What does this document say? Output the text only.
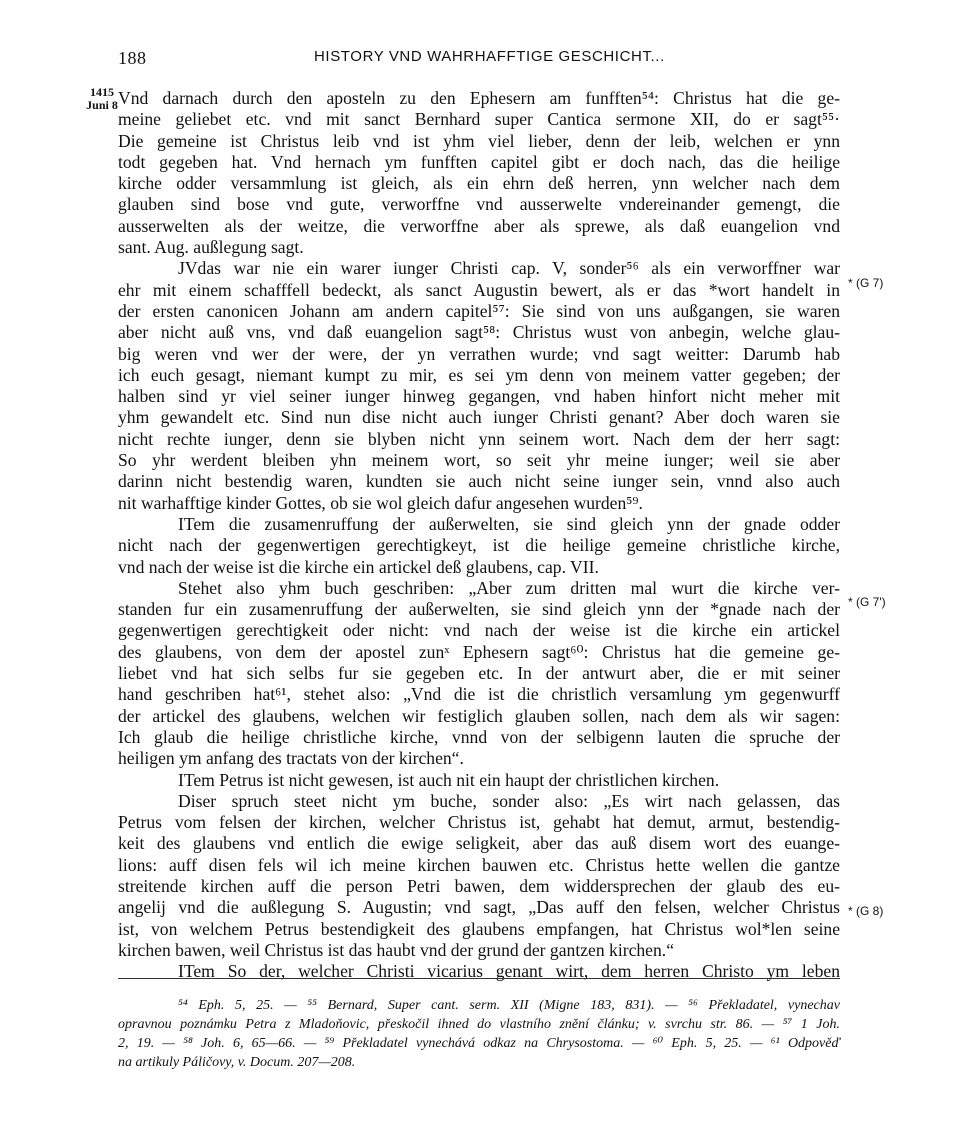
188	HISTORY VND WAHRHAFFTIGE GESCHICHT...
1415
Juni 8 Vnd darnach durch den aposteln zu den Ephesern am funfften⁵⁴: Christus hat die ge-
meine geliebet etc. vnd mit sanct Bernhard super Cantica sermone XII, do er sagt⁵⁵·
Die gemeine ist Christus leib vnd ist yhm viel lieber, denn der leib, welchen er ynn
todt gegeben hat. Vnd hernach ym funfften capitel gibt er doch nach, das die heilige
kirche odder versammlung ist gleich, als ein ehrn deß herren, ynn welcher nach dem
glauben sind bose vnd gute, verworffne vnd ausserwelte vndereinander gemengt, die
ausserwelten als der weitze, die verworffne aber als sprewe, als daß euangelion vnd
sant. Aug. außlegung sagt.
JVdas war nie ein warer iunger Christi cap. V, sonder⁵⁶ als ein verworffner war
ehr mit einem schafffell bedeckt, als sanct Augustin bewert, als er das *wort handelt in
der ersten canonicen Johann am andern capitel⁵⁷: Sie sind von uns außgangen, sie waren
aber nicht auß vns, vnd daß euangelion sagt⁵⁸: Christus wust von anbegin, welche glau-
big weren vnd wer der were, der yn verrathen wurde; vnd sagt weitter: Darumb hab
ich euch gesagt, niemant kumpt zu mir, es sei ym denn von meinem vatter gegeben; der
halben sind yr viel seiner iunger hinweg gegangen, vnd haben hinfort nicht meher mit
yhm gewandelt etc. Sind nun dise nicht auch iunger Christi genant? Aber doch waren sie
nicht rechte iunger, denn sie blyben nicht ynn seinem wort. Nach dem der herr sagt:
So yhr werdent bleiben yhn meinem wort, so seit yhr meine iunger; weil sie aber
darinn nicht bestendig waren, kundten sie auch nicht seine iunger sein, vnnd also auch
nit warhafftige kinder Gottes, ob sie wol gleich dafur angesehen wurden⁵⁹.
ITem die zusamenruffung der außerwelten, sie sind gleich ynn der gnade odder
nicht nach der gegenwertigen gerechtigkeyt, ist die heilige gemeine christliche kirche,
vnd nach der weise ist die kirche ein artickel deß glaubens, cap. VII.
Stehet also yhm buch geschriben: „Aber zum dritten mal wurt die kirche ver-
standen fur ein zusamenruffung der außerwelten, sie sind gleich ynn der *gnade nach der
gegenwertigen gerechtigkeit oder nicht: vnd nach der weise ist die kirche ein artickel
des glaubens, von dem der apostel zunˣ Ephesern sagt⁶⁰: Christus hat die gemeine ge-
liebet vnd hat sich selbs fur sie gegeben etc. In der antwurt aber, die er mit seiner
hand geschriben hat⁶¹, stehet also: „Vnd die ist die christlich versamlung ym gegenwurff
der artickel des glaubens, welchen wir festiglich glauben sollen, nach dem als wir sagen:
Ich glaub die heilige christliche kirche, vnnd von der selbigenn lauten die spruche der
heiligen ym anfang des tractats von der kirchen“.
ITem Petrus ist nicht gewesen, ist auch nit ein haupt der christlichen kirchen.
Diser spruch steet nicht ym buche, sonder also: „Es wirt nach gelassen, das
Petrus vom felsen der kirchen, welcher Christus ist, gehabt hat demut, armut, bestendig-
keit des glaubens vnd entlich die ewige seligkeit, aber das auß disem wort des euange-
lions: auff disen fels wil ich meine kirchen bauwen etc. Christus hette wellen die gantze
streitende kirchen auff die person Petri bawen, dem widdersprechen der glaub des eu-
angelij vnd die außlegung S. Augustin; vnd sagt, „Das auff den felsen, welcher Christus
ist, von welchem Petrus bestendigkeit des glaubens empfangen, hat Christus wol*len seine
kirchen bawen, weil Christus ist das haubt vnd der grund der gantzen kirchen.“
ITem So der, welcher Christi vicarius genant wirt, dem herren Christo ym leben
* (G 7)
* (G 7')
* (G 8)
⁵⁴ Eph. 5, 25. — ⁵⁵ Bernard, Super cant. serm. XII (Migne 183, 831). — ⁵⁶ Překladatel, vynechav
opravnou poznámku Petra z Mladoňovic, přeskočil ihned do vlastního znění článku; v. svrchu str. 86. — ⁵⁷ 1 Joh.
2, 19. — ⁵⁸ Joh. 6, 65—66. — ⁵⁹ Překladatel vynechává odkaz na Chrysostoma. — ⁶⁰ Eph. 5, 25. — ⁶¹ Odpověď
na artikuly Páličovy, v. Docum. 207—208.
